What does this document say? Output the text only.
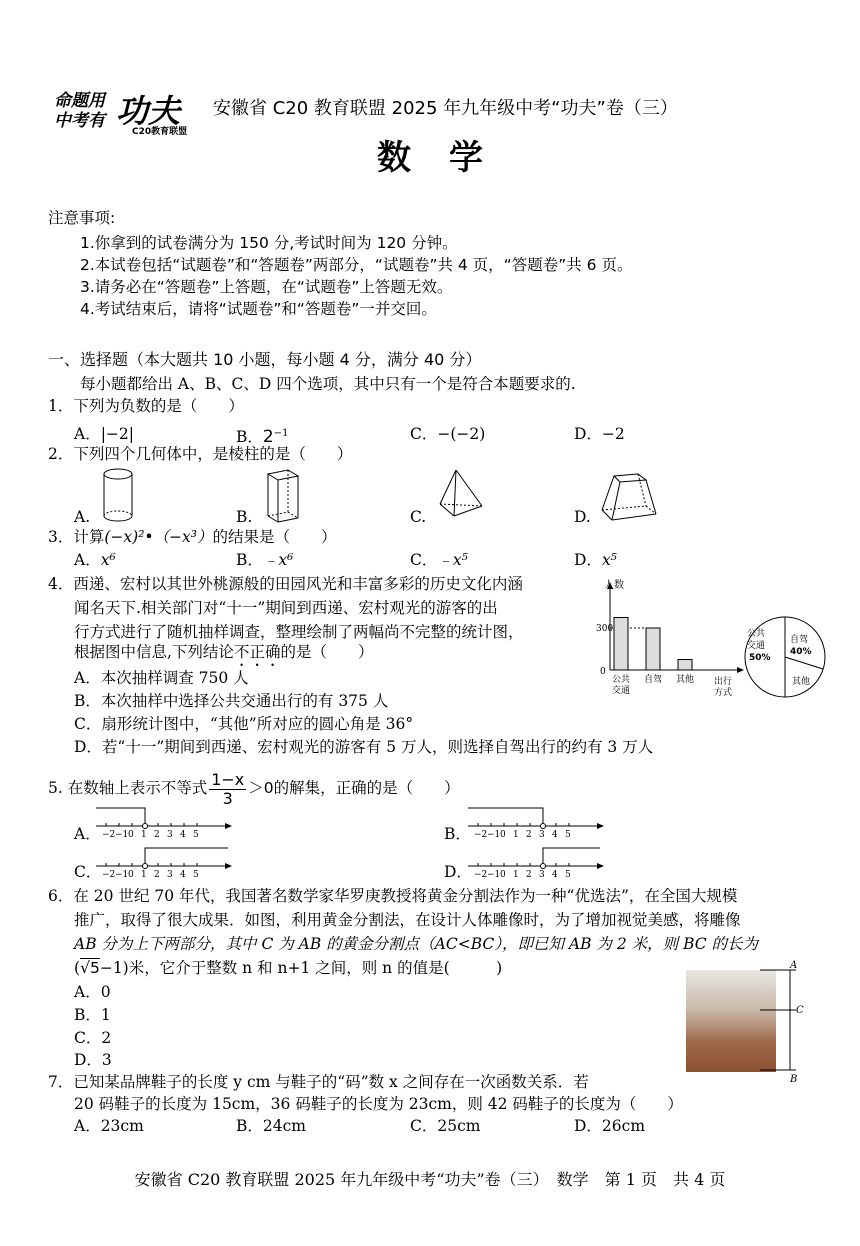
命题用
中考有 功夫
C20教育联盟
安徽省 C20 教育联盟 2025 年九年级中考“功夫”卷（三）
数学
注意事项:
1.你拿到的试卷满分为 150 分,考试时间为 120 分钟。
2.本试卷包括“试题卷”和“答题卷”两部分，“试题卷”共 4 页，“答题卷”共 6 页。
3.请务必在“答题卷”上答题，在“试题卷”上答题无效。
4.考试结束后，请将“试题卷”和“答题卷”一并交回。
一、选择题（本大题共 10 小题，每小题 4 分，满分 40 分）
每小题都给出 A、B、C、D 四个选项，其中只有一个是符合本题要求的.
1．下列为负数的是（　　）
A．|−2|	B．$2^{-1}$	C．−(−2)	D．−2
2．下列四个几何体中，是棱柱的是（　　）
A.	B.	C.	D.
3．计算(−x)²•（−x³）的结果是（　　）
A．x⁶	B．﹣x⁶	C．﹣x⁵	D．x⁵
4．西递、宏村以其世外桃源般的田园风光和丰富多彩的历史文化内涵
闻名天下.相关部门对“十一”期间到西递、宏村观光的游客的出
行方式进行了随机抽样调查，整理绘制了两幅尚不完整的统计图，
根据图中信息,下列结论不正确的是（　　）
A．本次抽样调查 750 人
B．本次抽样中选择公共交通出行的有 375 人
C．扇形统计图中，“其他”所对应的圆心角是 36°
D．若“十一”期间到西递、宏村观光的游客有 5 万人，则选择自驾出行的约有 3 万人
人数
300
0
公共
交通
自驾 其他 出行
方式
公共
交通
50%
自驾
40%
其他
5. 在数轴上表示不等式 $\frac{1-x}{3} >0$的解集，正确的是（　　）
A． −2 −1 0 1 2 3 4 5	B． −2 −1 0 1 2 3 4 5
C． −2 −1 0 1 2 3 4 5	D． −2 −1 0 1 2 3 4 5
6．在 20 世纪 70 年代，我国著名数学家华罗庚教授将黄金分割法作为一种“优选法”，在全国大规模
推广，取得了很大成果．如图，利用黄金分割法，在设计人体雕像时，为了增加视觉美感，将雕像
AB 分为上下两部分，其中 C 为 AB 的黄金分割点（AC<BC），即已知 AB 为 2 米，则 BC 的长为
(√5−1)米，它介于整数 n 和 n+1 之间，则 n 的值是(　　　)
A．0
B．1
C．2
D．3
A
C
B
7．已知某品牌鞋子的长度 y cm 与鞋子的“码”数 x 之间存在一次函数关系．若
20 码鞋子的长度为 15cm，36 码鞋子的长度为 23cm，则 42 码鞋子的长度为（　　）
A．23cm	B．24cm	C．25cm	D．26cm
安徽省 C20 教育联盟 2025 年九年级中考“功夫”卷（三）　数学　第 1 页　共 4 页
